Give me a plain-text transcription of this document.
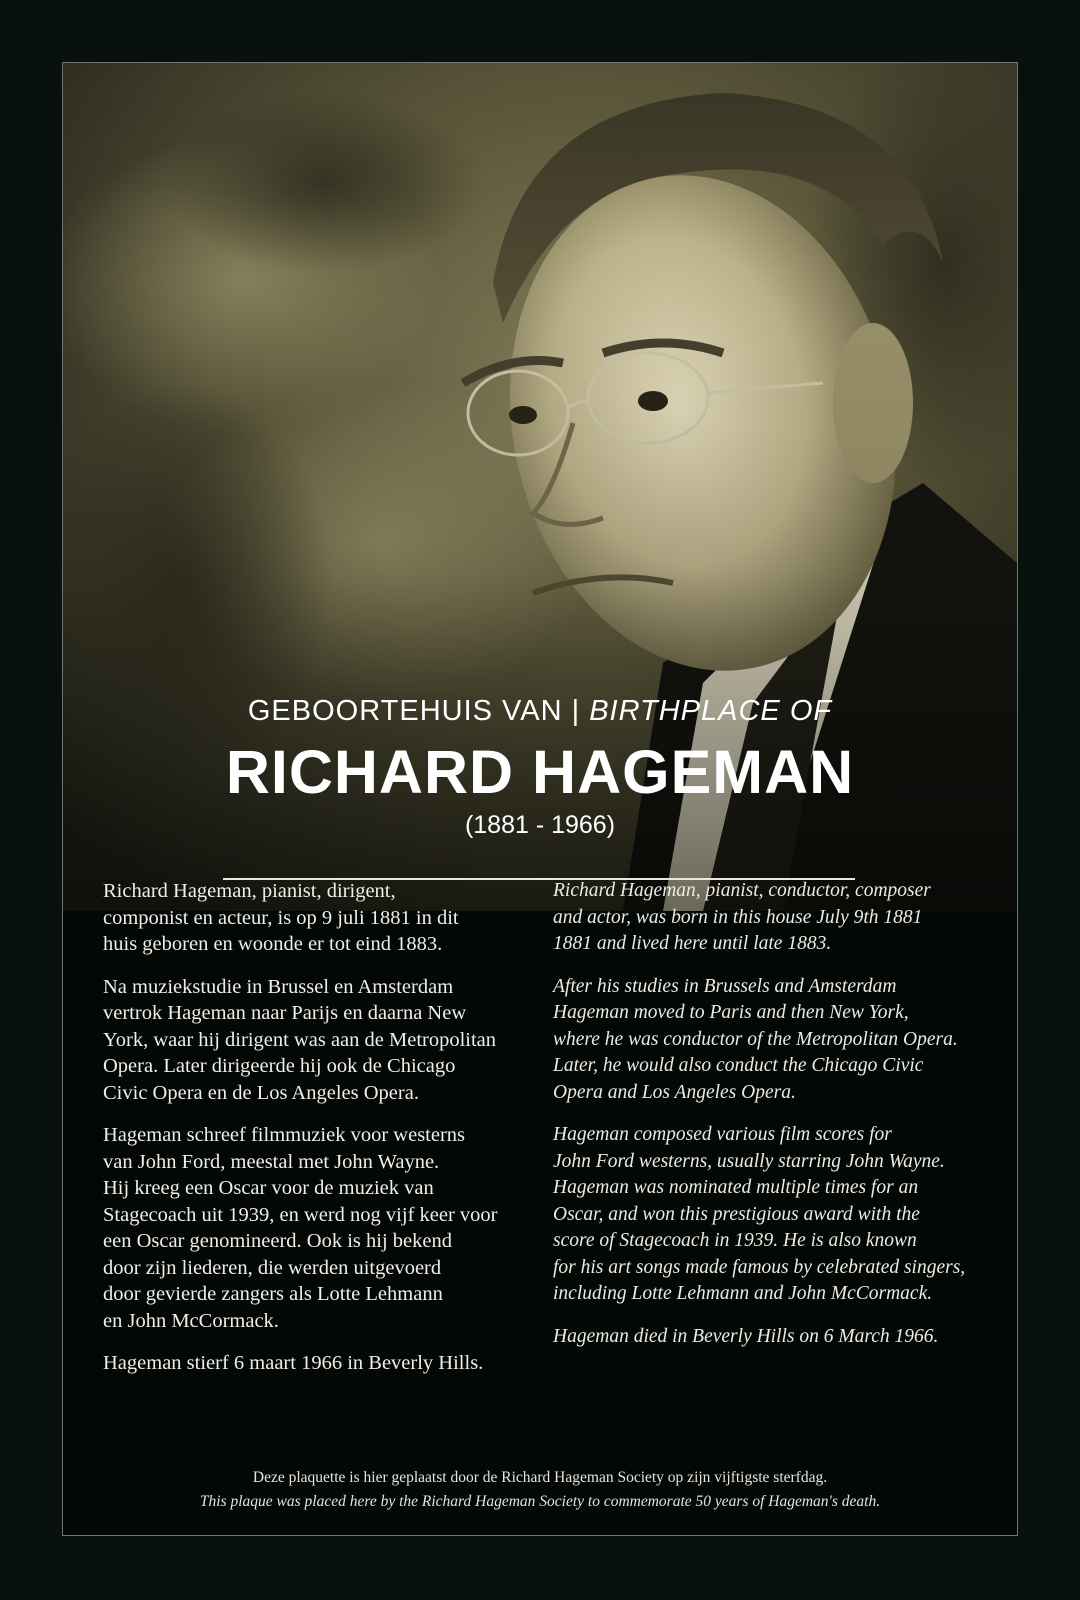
GEBOORTEHUIS VAN | BIRTHPLACE OF
RICHARD HAGEMAN
(1881 - 1966)

Richard Hageman, pianist, dirigent,
componist en acteur, is op 9 juli 1881 in dit
huis geboren en woonde er tot eind 1883.

Na muziekstudie in Brussel en Amsterdam
vertrok Hageman naar Parijs en daarna New
York, waar hij dirigent was aan de Metropolitan
Opera. Later dirigeerde hij ook de Chicago
Civic Opera en de Los Angeles Opera.

Hageman schreef filmmuziek voor westerns
van John Ford, meestal met John Wayne.
Hij kreeg een Oscar voor de muziek van
Stagecoach uit 1939, en werd nog vijf keer voor
een Oscar genomineerd. Ook is hij bekend
door zijn liederen, die werden uitgevoerd
door gevierde zangers als Lotte Lehmann
en John McCormack.

Hageman stierf 6 maart 1966 in Beverly Hills.

Richard Hageman, pianist, conductor, composer
and actor, was born in this house July 9th 1881
1881 and lived here until late 1883.

After his studies in Brussels and Amsterdam
Hageman moved to Paris and then New York,
where he was conductor of the Metropolitan Opera.
Later, he would also conduct the Chicago Civic
Opera and Los Angeles Opera.

Hageman composed various film scores for
John Ford westerns, usually starring John Wayne.
Hageman was nominated multiple times for an
Oscar, and won this prestigious award with the
score of Stagecoach in 1939. He is also known
for his art songs made famous by celebrated singers,
including Lotte Lehmann and John McCormack.

Hageman died in Beverly Hills on 6 March 1966.

Deze plaquette is hier geplaatst door de Richard Hageman Society op zijn vijftigste sterfdag.
This plaque was placed here by the Richard Hageman Society to commemorate 50 years of Hageman's death.
